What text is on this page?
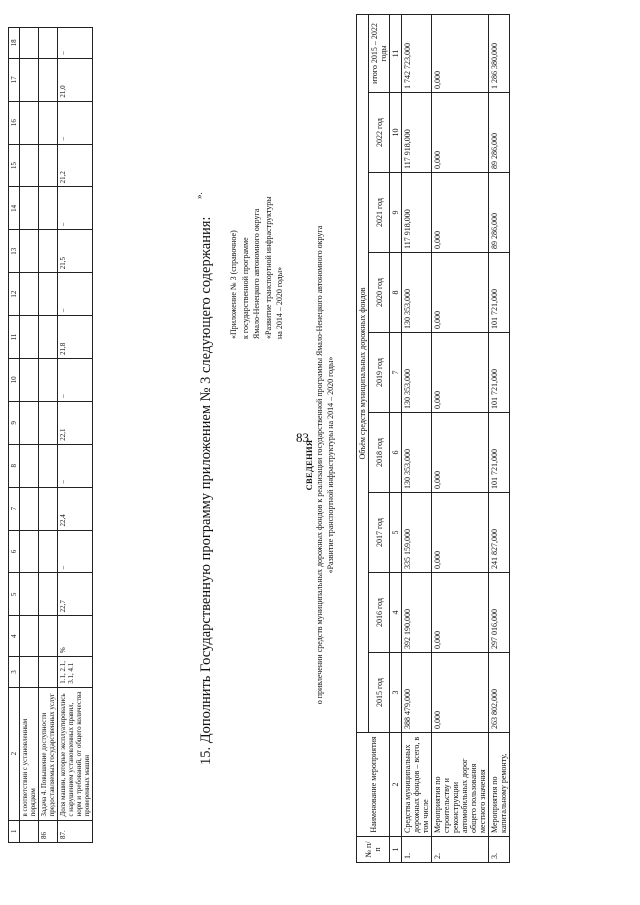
83
1	2	3	4	5	6	7	8	9	10	11	12	13	14	15	16	17	18
	в соответствии с установленным порядком																
86	Задача 4. Повышение доступности предоставляемых государственных услуг																
87.	Доля машин, которые эксплуатировались с нарушением установленных правил, норм и требований, от общего количества проверенных машин	1.1, 2.1, 3.1, 4.1	%	22,7	–	22,4	–	22,1	–	21,8	–	21,5	–	21,2	–	21,0	–
».
15. Дополнить Государственную программу приложением № 3 следующего содержания: «Приложение № 3 (справочное) к государственной программе Ямало-Ненецкого автономного округа «Развитие транспортной инфраструктуры на 2014 – 2020 годы»
СВЕДЕНИЯ о привлечении средств муниципальных дорожных фондов к реализации государственной программы Ямало-Ненецкого автономного округа «Развитие транспортной инфраструктуры на 2014 – 2020 годы»
№ п/п	Наименование мероприятия	Объём средств муниципальных дорожных фондов								
		2015 год	2016 год	2017 год	2018 год	2019 год	2020 год	2021 год	2022 год	итого 2015 – 2022 годы
1	2	3	4	5	6	7	8	9	10	11
1.	Средства муниципальных дорожных фондов – всего, в том числе	388 479,000	392 190,000	335 159,000	130 353,000	130 353,000	130 353,000	117 918,000	117 918,000	1 742 723,000
2.	Мероприятия по строительству и реконструкции автомобильных дорог общего пользования местного значения	0,000	0,000	0,000	0,000	0,000	0,000	0,000	0,000	0,000
3.	Мероприятия по капитальному ремонту,	263 802,000	297 016,000	241 827,000	101 721,000	101 721,000	101 721,000	89 286,000	89 286,000	1 286 380,000
